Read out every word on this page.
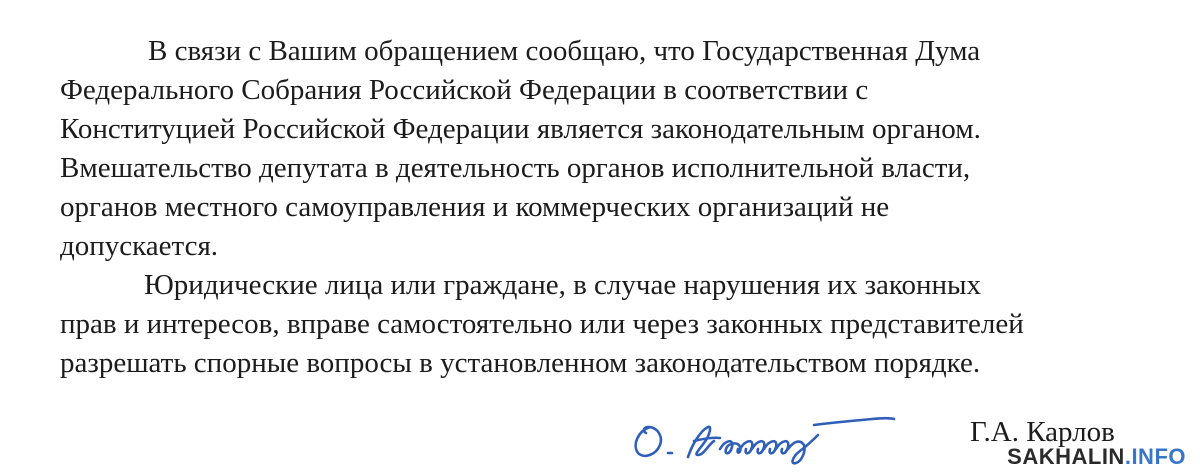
В связи с Вашим обращением сообщаю, что Государственная Дума
Федерального Собрания Российской Федерации в соответствии с
Конституцией Российской Федерации является законодательным органом.
Вмешательство депутата в деятельность органов исполнительной власти,
органов местного самоуправления и коммерческих организаций не
допускается.

Юридические лица или граждане, в случае нарушения их законных
прав и интересов, вправе самостоятельно или через законных представителей
разрешать спорные вопросы в установленном законодательством порядке.

Г.А. Карлов
SAKHALIN.INFO
